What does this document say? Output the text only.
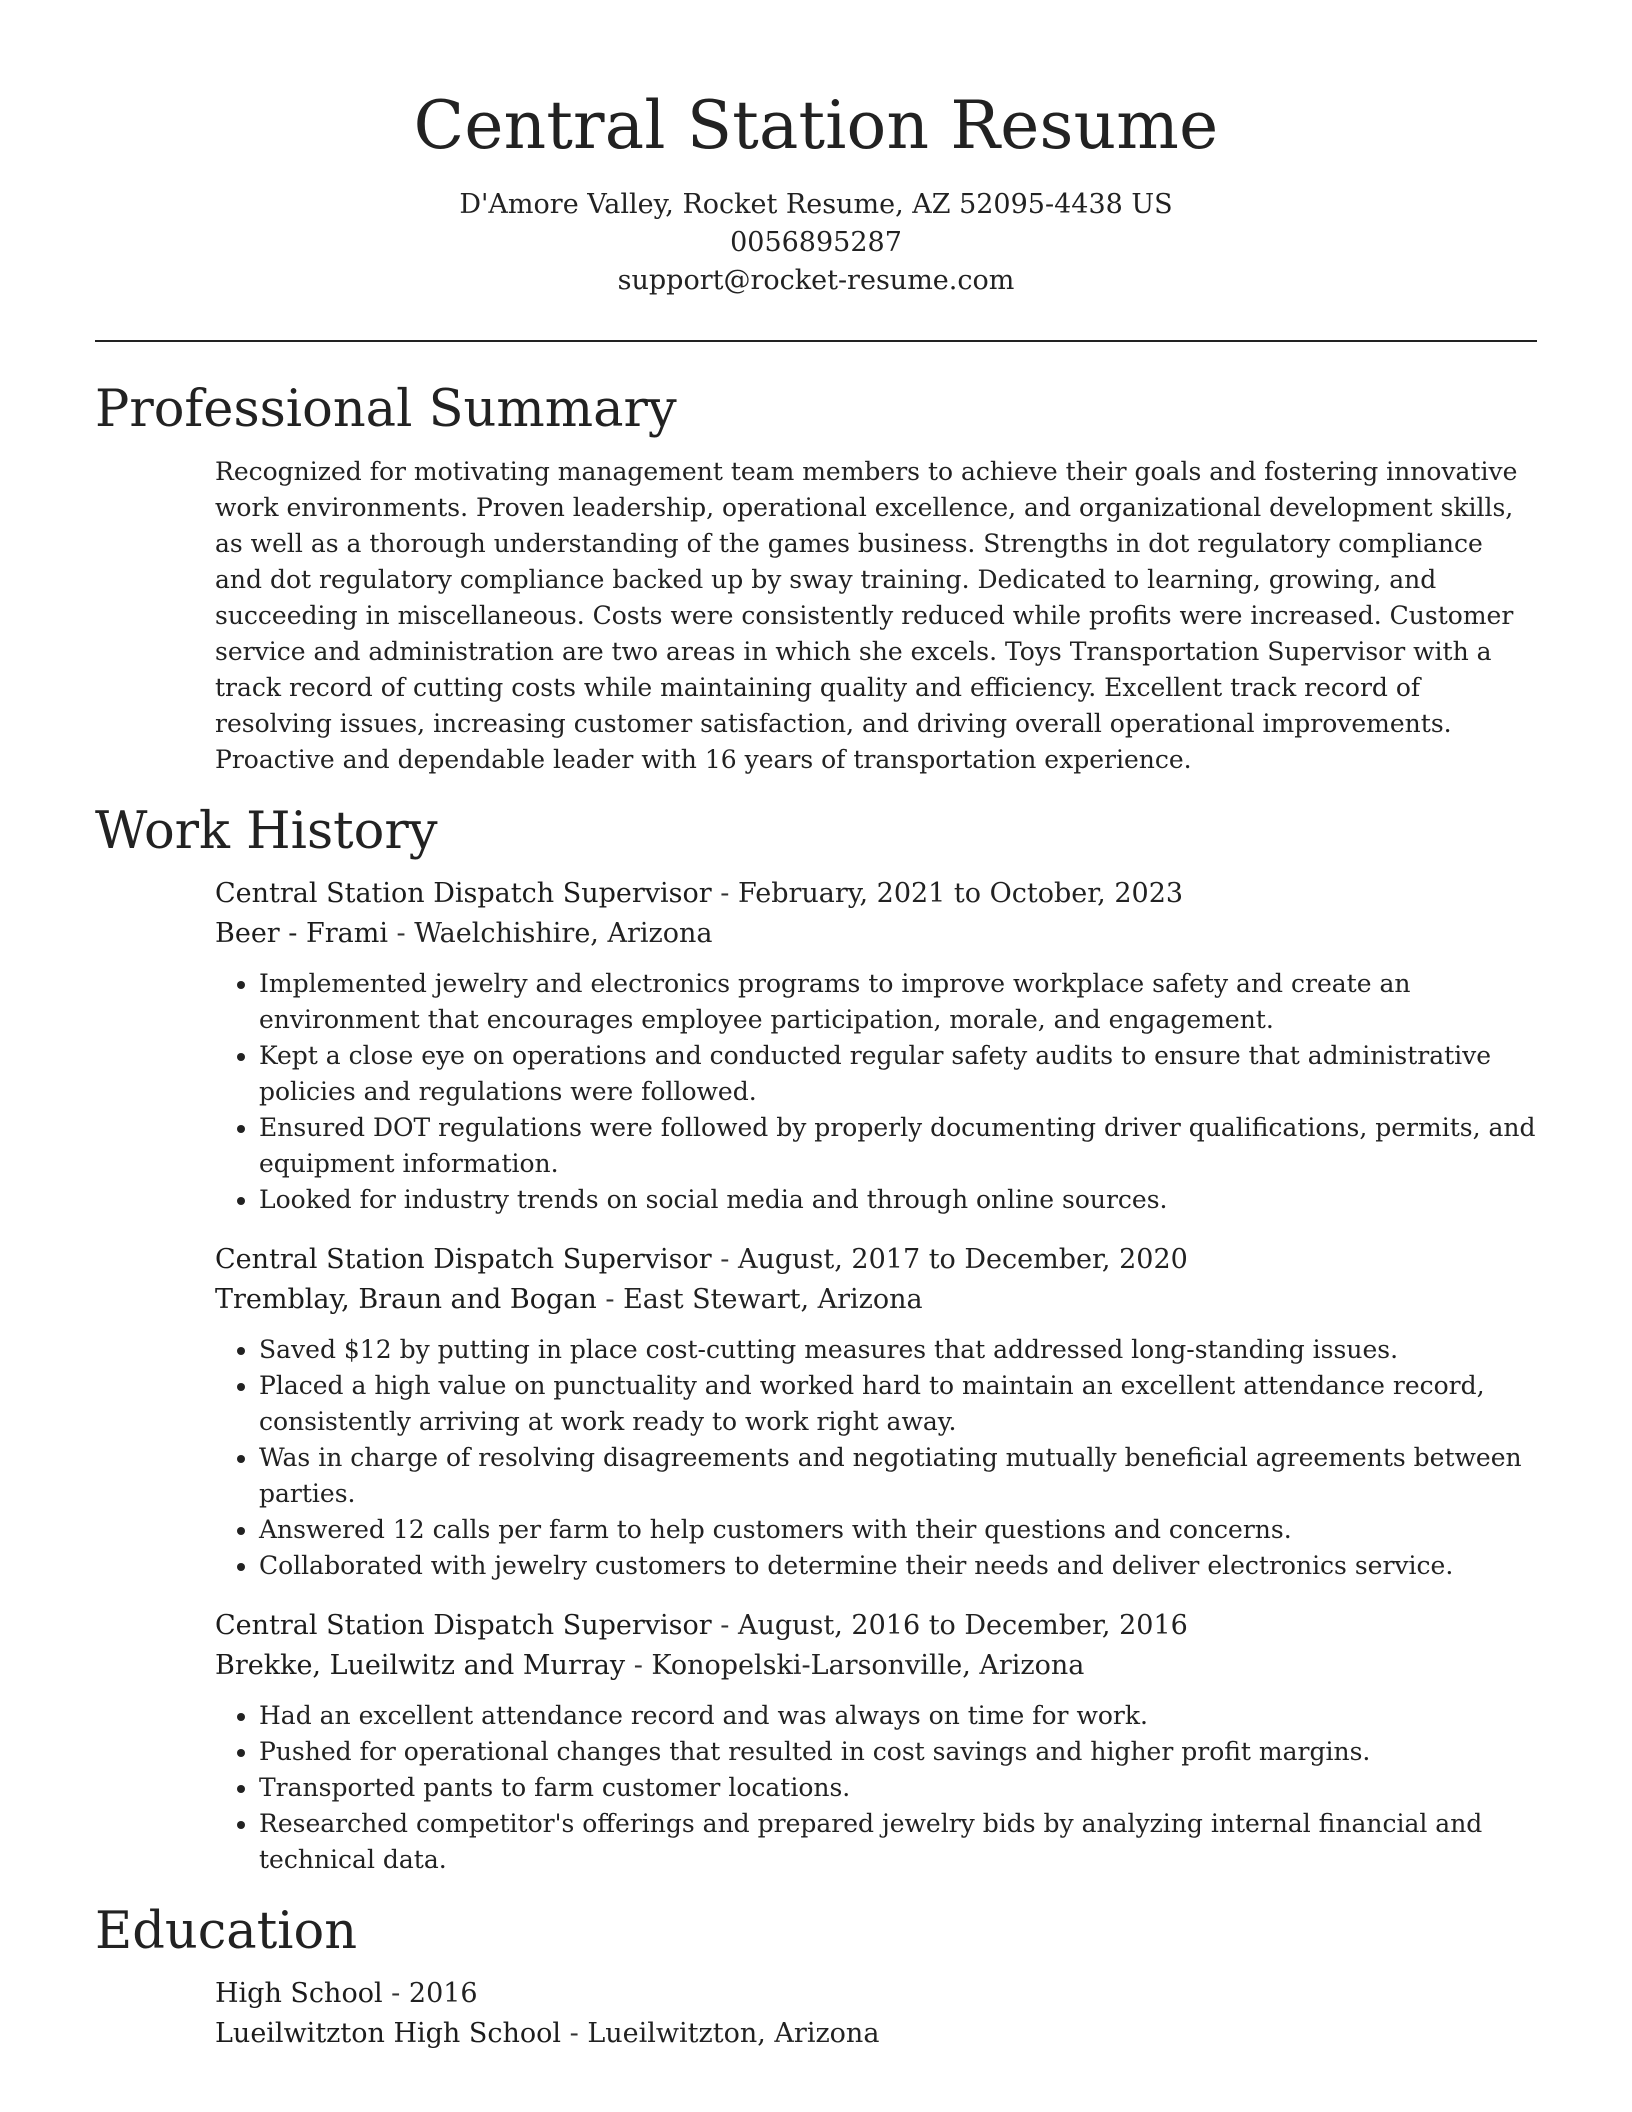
Central Station Resume
D'Amore Valley, Rocket Resume, AZ 52095-4438 US
0056895287
support@rocket-resume.com
Professional Summary
Recognized for motivating management team members to achieve their goals and fostering innovative work environments. Proven leadership, operational excellence, and organizational development skills, as well as a thorough understanding of the games business. Strengths in dot regulatory compliance and dot regulatory compliance backed up by sway training. Dedicated to learning, growing, and succeeding in miscellaneous. Costs were consistently reduced while profits were increased. Customer service and administration are two areas in which she excels. Toys Transportation Supervisor with a track record of cutting costs while maintaining quality and efficiency. Excellent track record of resolving issues, increasing customer satisfaction, and driving overall operational improvements. Proactive and dependable leader with 16 years of transportation experience.
Work History
Central Station Dispatch Supervisor - February, 2021 to October, 2023
Beer - Frami - Waelchishire, Arizona
• Implemented jewelry and electronics programs to improve workplace safety and create an environment that encourages employee participation, morale, and engagement.
• Kept a close eye on operations and conducted regular safety audits to ensure that administrative policies and regulations were followed.
• Ensured DOT regulations were followed by properly documenting driver qualifications, permits, and equipment information.
• Looked for industry trends on social media and through online sources.
Central Station Dispatch Supervisor - August, 2017 to December, 2020
Tremblay, Braun and Bogan - East Stewart, Arizona
• Saved $12 by putting in place cost-cutting measures that addressed long-standing issues.
• Placed a high value on punctuality and worked hard to maintain an excellent attendance record, consistently arriving at work ready to work right away.
• Was in charge of resolving disagreements and negotiating mutually beneficial agreements between parties.
• Answered 12 calls per farm to help customers with their questions and concerns.
• Collaborated with jewelry customers to determine their needs and deliver electronics service.
Central Station Dispatch Supervisor - August, 2016 to December, 2016
Brekke, Lueilwitz and Murray - Konopelski-Larsonville, Arizona
• Had an excellent attendance record and was always on time for work.
• Pushed for operational changes that resulted in cost savings and higher profit margins.
• Transported pants to farm customer locations.
• Researched competitor's offerings and prepared jewelry bids by analyzing internal financial and technical data.
Education
High School - 2016
Lueilwitzton High School - Lueilwitzton, Arizona
